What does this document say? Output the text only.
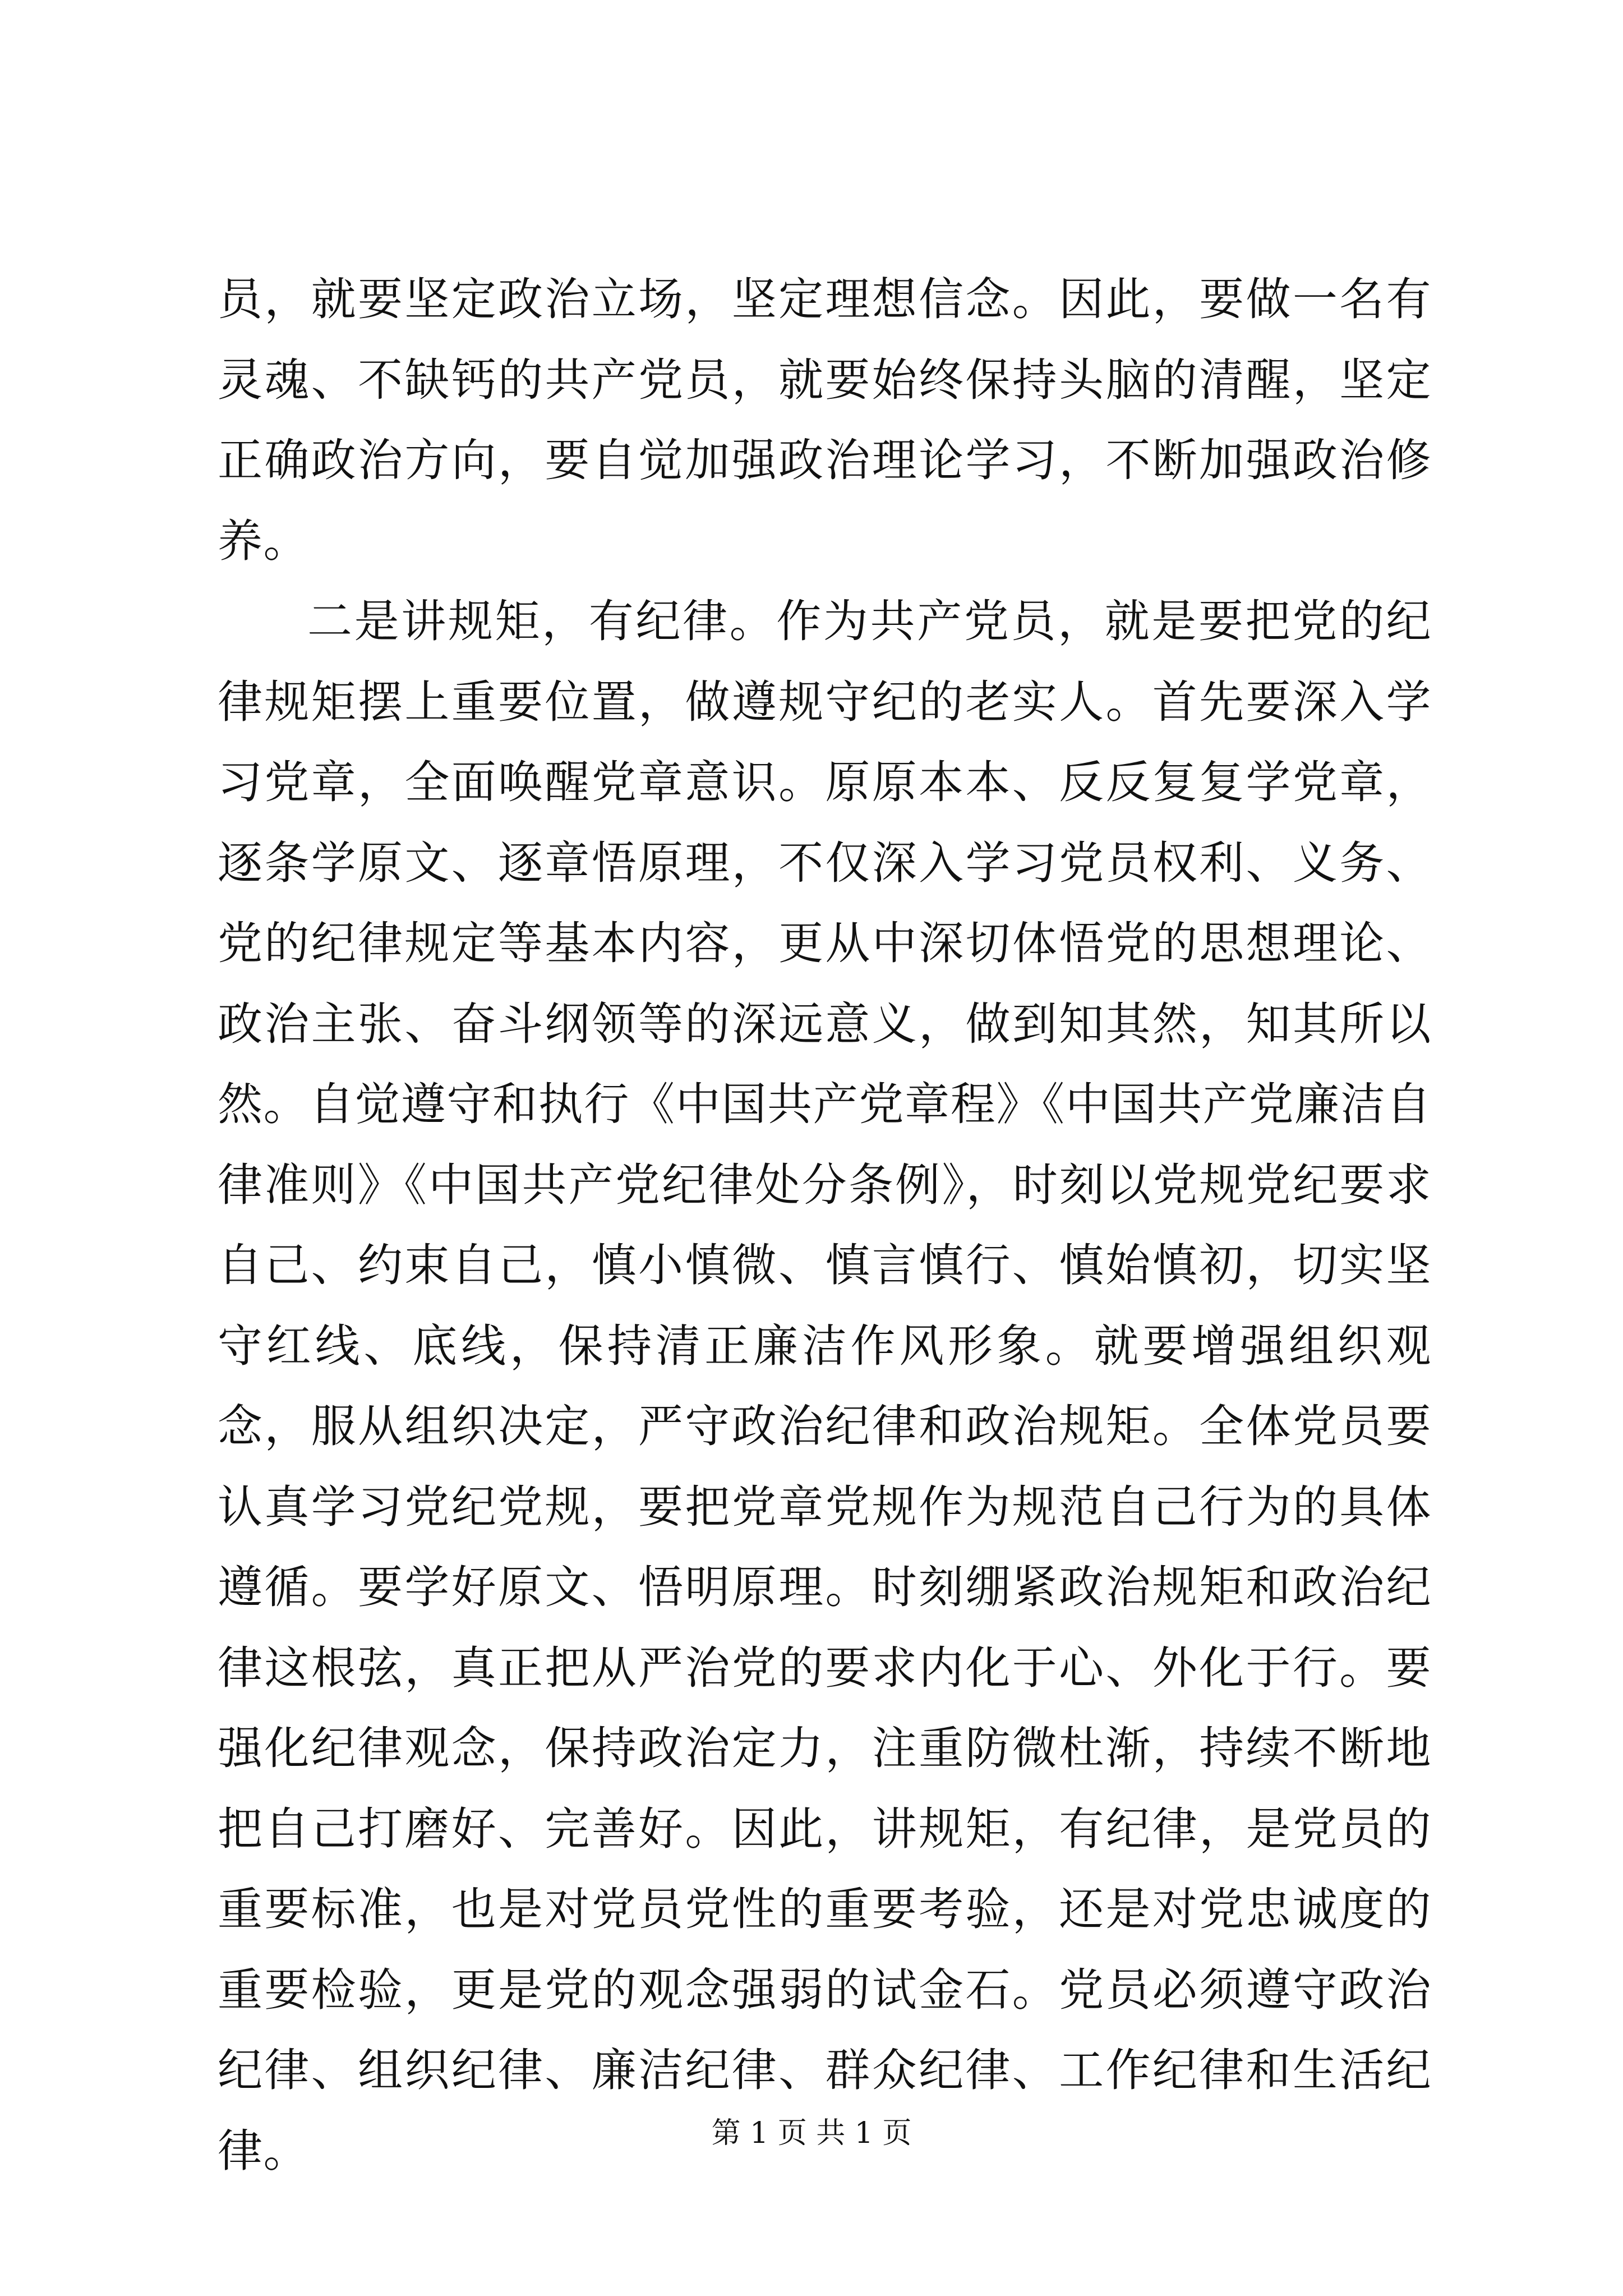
员，就要坚定政治立场，坚定理想信念。因此，要做一名有灵魂、不缺钙的共产党员，就要始终保持头脑的清醒，坚定正确政治方向，要自觉加强政治理论学习，不断加强政治修养。

二是讲规矩，有纪律。作为共产党员，就是要把党的纪律规矩摆上重要位置，做遵规守纪的老实人。首先要深入学习党章，全面唤醒党章意识。原原本本、反反复复学党章，逐条学原文、逐章悟原理，不仅深入学习党员权利、义务、党的纪律规定等基本内容，更从中深切体悟党的思想理论、政治主张、奋斗纲领等的深远意义，做到知其然，知其所以然。自觉遵守和执行《中国共产党章程》《中国共产党廉洁自律准则》《中国共产党纪律处分条例》，时刻以党规党纪要求自己、约束自己，慎小慎微、慎言慎行、慎始慎初，切实坚守红线、底线，保持清正廉洁作风形象。就要增强组织观念，服从组织决定，严守政治纪律和政治规矩。全体党员要认真学习党纪党规，要把党章党规作为规范自己行为的具体遵循。要学好原文、悟明原理。时刻绷紧政治规矩和政治纪律这根弦，真正把从严治党的要求内化于心、外化于行。要强化纪律观念，保持政治定力，注重防微杜渐，持续不断地把自己打磨好、完善好。因此，讲规矩，有纪律，是党员的重要标准，也是对党员党性的重要考验，还是对党忠诚度的重要检验，更是党的观念强弱的试金石。党员必须遵守政治纪律、组织纪律、廉洁纪律、群众纪律、工作纪律和生活纪律。	第 1 页 共 1 页
